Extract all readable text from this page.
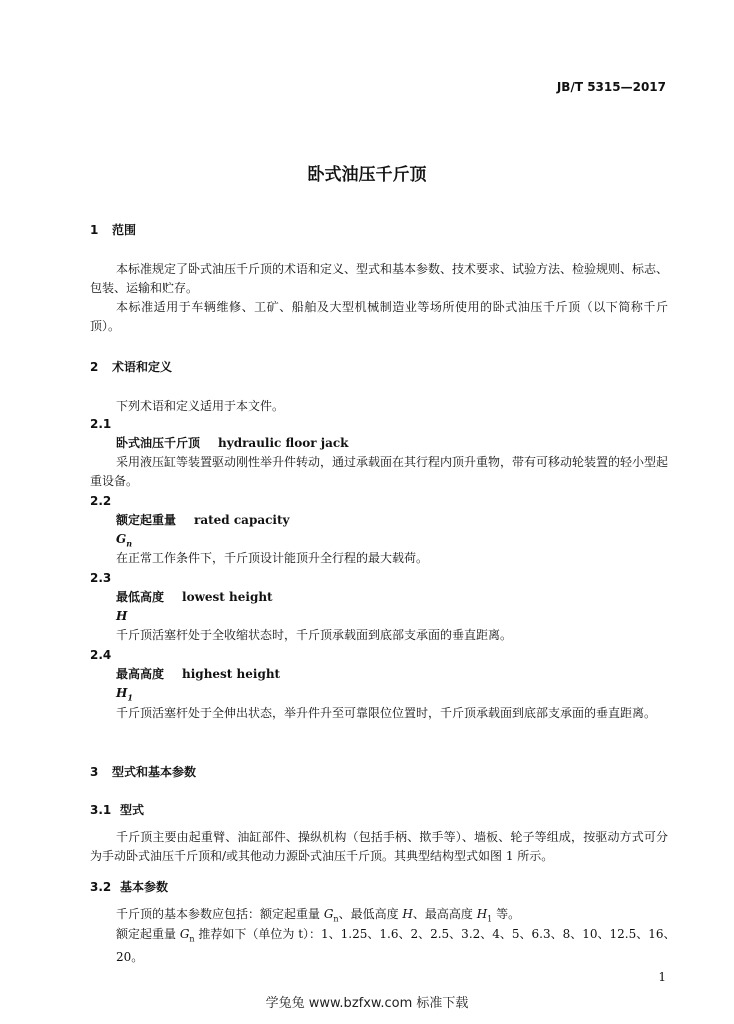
JB/T 5315—2017
卧式油压千斤顶
1 范围
本标准规定了卧式油压千斤顶的术语和定义、型式和基本参数、技术要求、试验方法、检验规则、标志、包装、运输和贮存。
本标准适用于车辆维修、工矿、船舶及大型机械制造业等场所使用的卧式油压千斤顶（以下简称千斤顶）。
2 术语和定义
下列术语和定义适用于本文件。
2.1
卧式油压千斤顶 hydraulic floor jack
采用液压缸等装置驱动刚性举升件转动，通过承载面在其行程内顶升重物，带有可移动轮装置的轻小型起重设备。
2.2
额定起重量 rated capacity
$G_n$
在正常工作条件下，千斤顶设计能顶升全行程的最大载荷。
2.3
最低高度 lowest height
H
千斤顶活塞杆处于全收缩状态时，千斤顶承载面到底部支承面的垂直距离。
2.4
最高高度 highest height
$H_1$
千斤顶活塞杆处于全伸出状态，举升件升至可靠限位位置时，千斤顶承载面到底部支承面的垂直距离。
3 型式和基本参数
3.1 型式
千斤顶主要由起重臂、油缸部件、操纵机构（包括手柄、揿手等）、墙板、轮子等组成，按驱动方式可分为手动卧式油压千斤顶和/或其他动力源卧式油压千斤顶。其典型结构型式如图 1 所示。
3.2 基本参数
千斤顶的基本参数应包括：额定起重量 $G_n$、最低高度 H、最高高度 $H_1$ 等。
额定起重量 $G_n$ 推荐如下（单位为 t）：1、1.25、1.6、2、2.5、3.2、4、5、6.3、8、10、12.5、16、20。
1
学兔兔 www.bzfxw.com 标准下载
